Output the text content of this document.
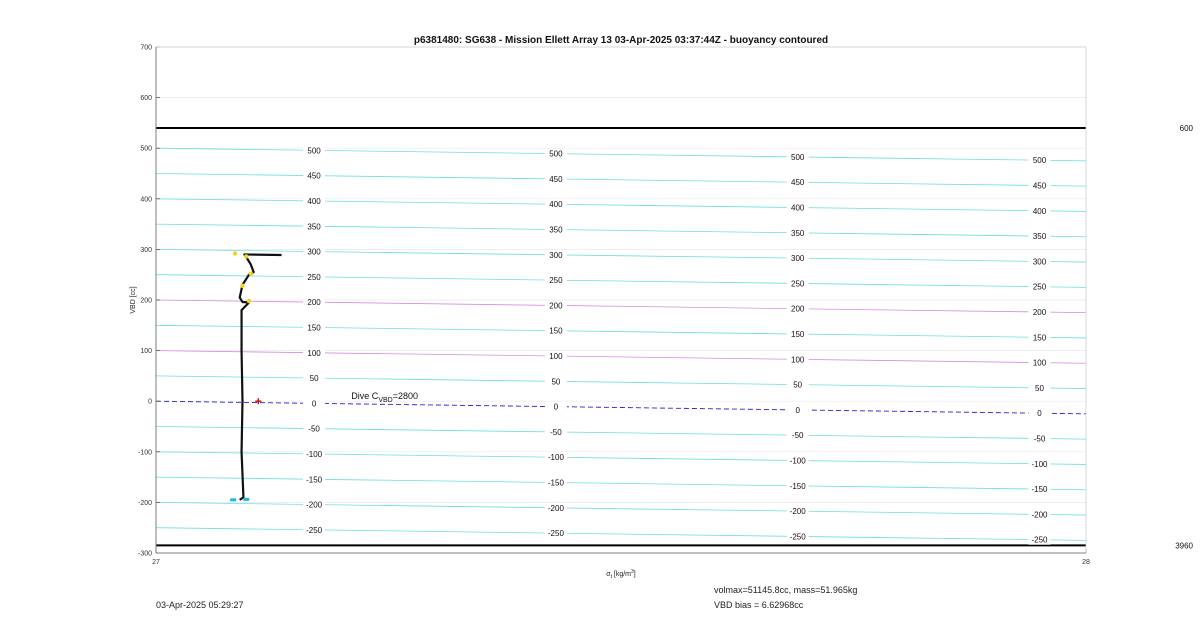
600
3960
500	500	500	500
450	450	450	450
400	400	400	400
350	350	350	350
300	300	300	300
250	250	250	250
200	200	200	200
150	150	150	150
100	100	100	100
50	50	50	50
0	0	0	0
-50	-50	-50	-50
-100	-100	-100	-100
-150	-150	-150	-150
-200	-200	-200	-200
-250	-250	-250	-250
700
600
500
400
300
200
100
0
-100
-200
-300
27	28
p6381480: SG638 - Mission Ellett Array 13 03-Apr-2025 03:37:44Z - buoyancy contoured
VBD [cc]
$\sigma_t$ $[kg/m^3]$
Dive $C_{VBD}=2800$
03-Apr-2025 05:29:27
volmax=51145.8cc, mass=51.965kg
VBD bias = 6.62968cc
